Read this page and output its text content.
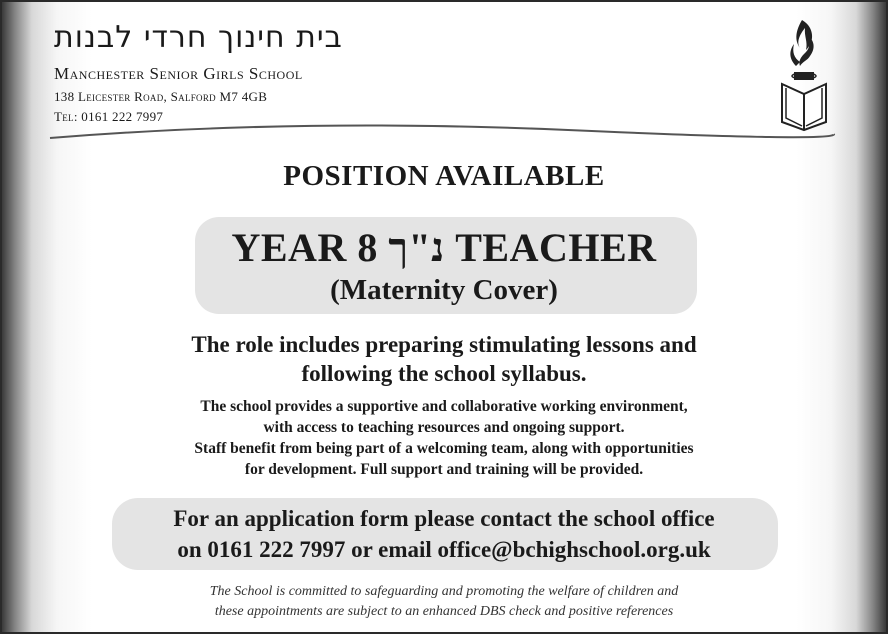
בית חינוך חרדי לבנות
Manchester Senior Girls School
138 Leicester Road, Salford M7 4GB
Tel: 0161 222 7997
POSITION AVAILABLE
YEAR 8 נ"ך TEACHER
(Maternity Cover)
The role includes preparing stimulating lessons and
following the school syllabus.
The school provides a supportive and collaborative working environment,
with access to teaching resources and ongoing support.
Staff benefit from being part of a welcoming team, along with opportunities
for development. Full support and training will be provided.
For an application form please contact the school office
on 0161 222 7997 or email office@bchighschool.org.uk
The School is committed to safeguarding and promoting the welfare of children and
these appointments are subject to an enhanced DBS check and positive references
